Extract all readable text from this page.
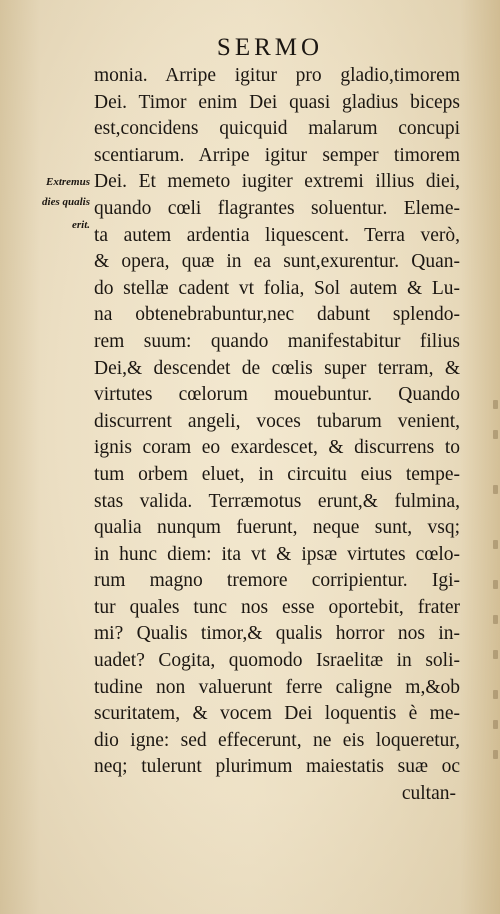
SERMO
Extremus
dies qualis
erit.
monia. Arripe igitur pro gladio,timorem
Dei. Timor enim Dei quasi gladius biceps
est,concidens quicquid malarum concupi
scentiarum. Arripe igitur semper timorem
Dei. Et memeto iugiter extremi illius diei,
quando cœli flagrantes soluentur. Eleme-
ta autem ardentia liquescent. Terra verò,
& opera, quæ in ea sunt,exurentur. Quan-
do stellæ cadent vt folia, Sol autem & Lu-
na obtenebrabuntur,nec dabunt splendo-
rem suum: quando manifestabitur filius
Dei,& descendet de cœlis super terram, &
virtutes cœlorum mouebuntur. Quando
discurrent angeli, voces tubarum venient,
ignis coram eo exardescet, & discurrens to
tum orbem eluet, in circuitu eius tempe-
stas valida. Terræmotus erunt,& fulmina,
qualia nunqum fuerunt, neque sunt, vsq;
in hunc diem: ita vt & ipsæ virtutes cœlo-
rum magno tremore corripientur. Igi-
tur quales tunc nos esse oportebit, frater
mi? Qualis timor,& qualis horror nos in-
uadet? Cogita, quomodo Israelitæ in soli-
tudine non valuerunt ferre caligne m,&ob
scuritatem, & vocem Dei loquentis è me-
dio igne: sed effecerunt, ne eis loqueretur,
neq; tulerunt plurimum maiestatis suæ oc
cultan-
